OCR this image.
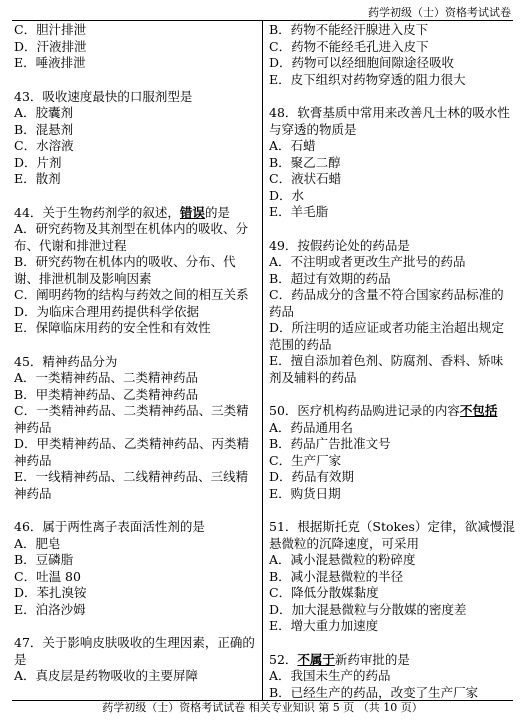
药学初级（士）资格考试试卷

C．胆汁排泄

D．汗液排泄

E．唾液排泄

43．吸收速度最快的口服剂型是

A．胶囊剂

B．混悬剂

C．水溶液

D．片剂

E．散剂

44．关于生物药剂学的叙述，错误的是

A．研究药物及其剂型在机体内的吸收、分布、代谢和排泄过程

B．研究药物在机体内的吸收、分布、代谢、排泄机制及影响因素

C．阐明药物的结构与药效之间的相互关系

D．为临床合理用药提供科学依据

E．保障临床用药的安全性和有效性

45．精神药品分为

A．一类精神药品、二类精神药品

B．甲类精神药品、乙类精神药品

C．一类精神药品、二类精神药品、三类精神药品

D．甲类精神药品、乙类精神药品、丙类精神药品

E．一线精神药品、二线精神药品、三线精神药品

46．属于两性离子表面活性剂的是

A．肥皂

B．豆磷脂

C．吐温 80

D．苯扎溴铵

E．泊洛沙姆

47．关于影响皮肤吸收的生理因素，正确的是

A．真皮层是药物吸收的主要屏障

B．药物不能经汗腺进入皮下

C．药物不能经毛孔进入皮下

D．药物可以经细胞间隙途径吸收

E．皮下组织对药物穿透的阻力很大

48．软膏基质中常用来改善凡士林的吸水性与穿透的物质是

A．石蜡

B．聚乙二醇

C．液状石蜡

D．水

E．羊毛脂

49．按假药论处的药品是

A．不注明或者更改生产批号的药品

B．超过有效期的药品

C．药品成分的含量不符合国家药品标准的药品

D．所注明的适应证或者功能主治超出规定范围的药品

E．擅自添加着色剂、防腐剂、香料、矫味剂及辅料的药品

50．医疗机构药品购进记录的内容不包括

A．药品通用名

B．药品广告批准文号

C．生产厂家

D．药品有效期

E．购货日期

51．根据斯托克（Stokes）定律，欲减慢混悬微粒的沉降速度，可采用

A．减小混悬微粒的粉碎度

B．减小混悬微粒的半径

C．降低分散媒黏度

D．加大混悬微粒与分散媒的密度差

E．增大重力加速度

52．不属于新药审批的是

A．我国未生产的药品

B．已经生产的药品，改变了生产厂家

药学初级（士）资格考试试卷 相关专业知识 第 5 页 （共 10 页）
